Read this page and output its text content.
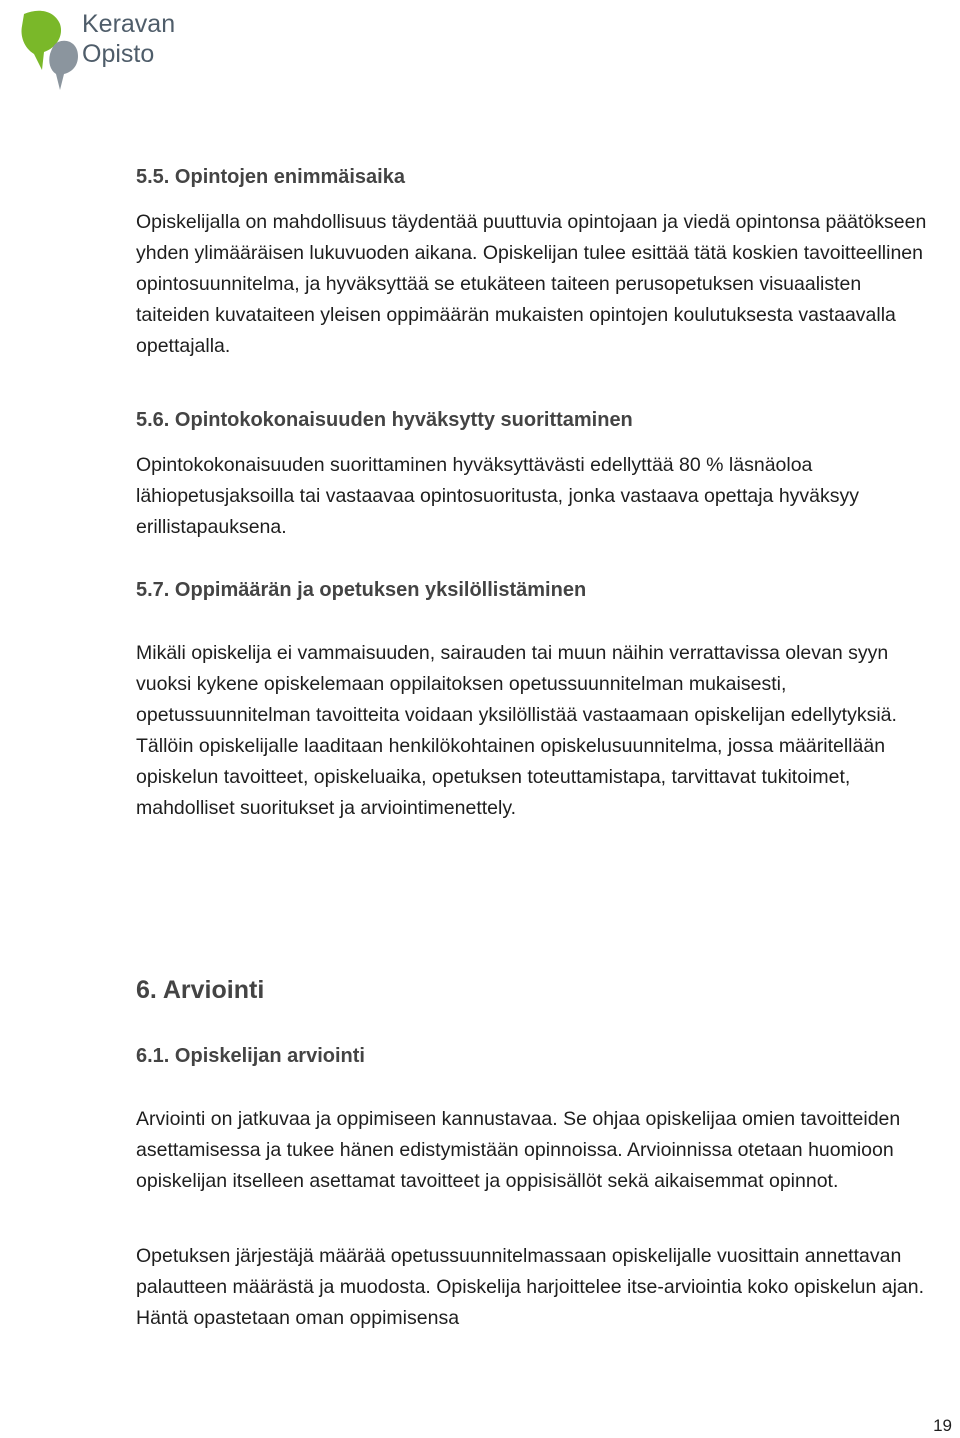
Keravan
Opisto
5.5. Opintojen enimmäisaika

Opiskelijalla on mahdollisuus täydentää puuttuvia opintojaan ja viedä opintonsa päätökseen yhden ylimääräisen lukuvuoden aikana. Opiskelijan tulee esittää tätä koskien tavoitteellinen opintosuunnitelma, ja hyväksyttää se etukäteen taiteen perusopetuksen visuaalisten taiteiden kuvataiteen yleisen oppimäärän mukaisten opintojen koulutuksesta vastaavalla opettajalla.

5.6. Opintokokonaisuuden hyväksytty suorittaminen

Opintokokonaisuuden suorittaminen hyväksyttävästi edellyttää 80 % läsnäoloa lähiopetusjaksoilla tai vastaavaa opintosuoritusta, jonka vastaava opettaja hyväksyy erillistapauksena.

5.7. Oppimäärän ja opetuksen yksilöllistäminen

Mikäli opiskelija ei vammaisuuden, sairauden tai muun näihin verrattavissa olevan syyn vuoksi kykene opiskelemaan oppilaitoksen opetussuunnitelman mukaisesti, opetussuunnitelman tavoitteita voidaan yksilöllistää vastaamaan opiskelijan edellytyksiä. Tällöin opiskelijalle laaditaan henkilökohtainen opiskelusuunnitelma, jossa määritellään opiskelun tavoitteet, opiskeluaika, opetuksen toteuttamistapa, tarvittavat tukitoimet, mahdolliset suoritukset ja arviointimenettely.

6. Arviointi
6.1. Opiskelijan arviointi

Arviointi on jatkuvaa ja oppimiseen kannustavaa. Se ohjaa opiskelijaa omien tavoitteiden asettamisessa ja tukee hänen edistymistään opinnoissa. Arvioinnissa otetaan huomioon opiskelijan itselleen asettamat tavoitteet ja oppisisällöt sekä aikaisemmat opinnot.

Opetuksen järjestäjä määrää opetussuunnitelmassaan opiskelijalle vuosittain annettavan palautteen määrästä ja muodosta. Opiskelija harjoittelee itse-arviointia koko opiskelun ajan. Häntä opastetaan oman oppimisensa

19
